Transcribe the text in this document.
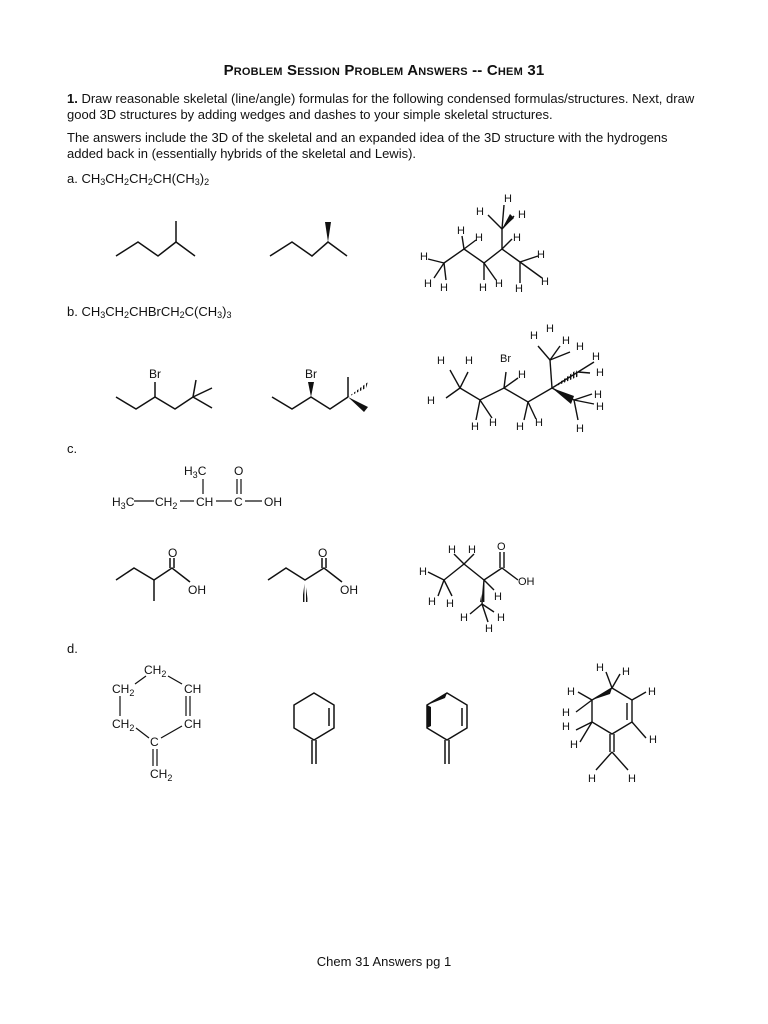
Problem Session Problem Answers -- Chem 31
1. Draw reasonable skeletal (line/angle) formulas for the following condensed formulas/structures. Next, draw good 3D structures by adding wedges and dashes to your simple skeletal structures.
The answers include the 3D of the skeletal and an expanded idea of the 3D structure with the hydrogens added back in (essentially hybrids of the skeletal and Lewis).
a. $CH_3CH_2CH_2CH(CH_3)_2$
b. $CH_3CH_2CHBrCH_2C(CH_3)_3$
c.
d.
H
H	H
H
H	H
H	H
H H	H H H
H
Br	Br
H H
H
Br
H
H H H H
H
H
H H
H
H
H
H
H
$H_3C$ O
$H_3C$ $CH_2$ CH C OH
O
OH
O
OH
H H O
OH
H
H H
H
H
H
H
$CH_2$
$CH_2$	CH
$CH_2$	CH
C
$CH_2$
H H
H	H
H
H
H	H
H	H
Chem 31 Answers pg 1
